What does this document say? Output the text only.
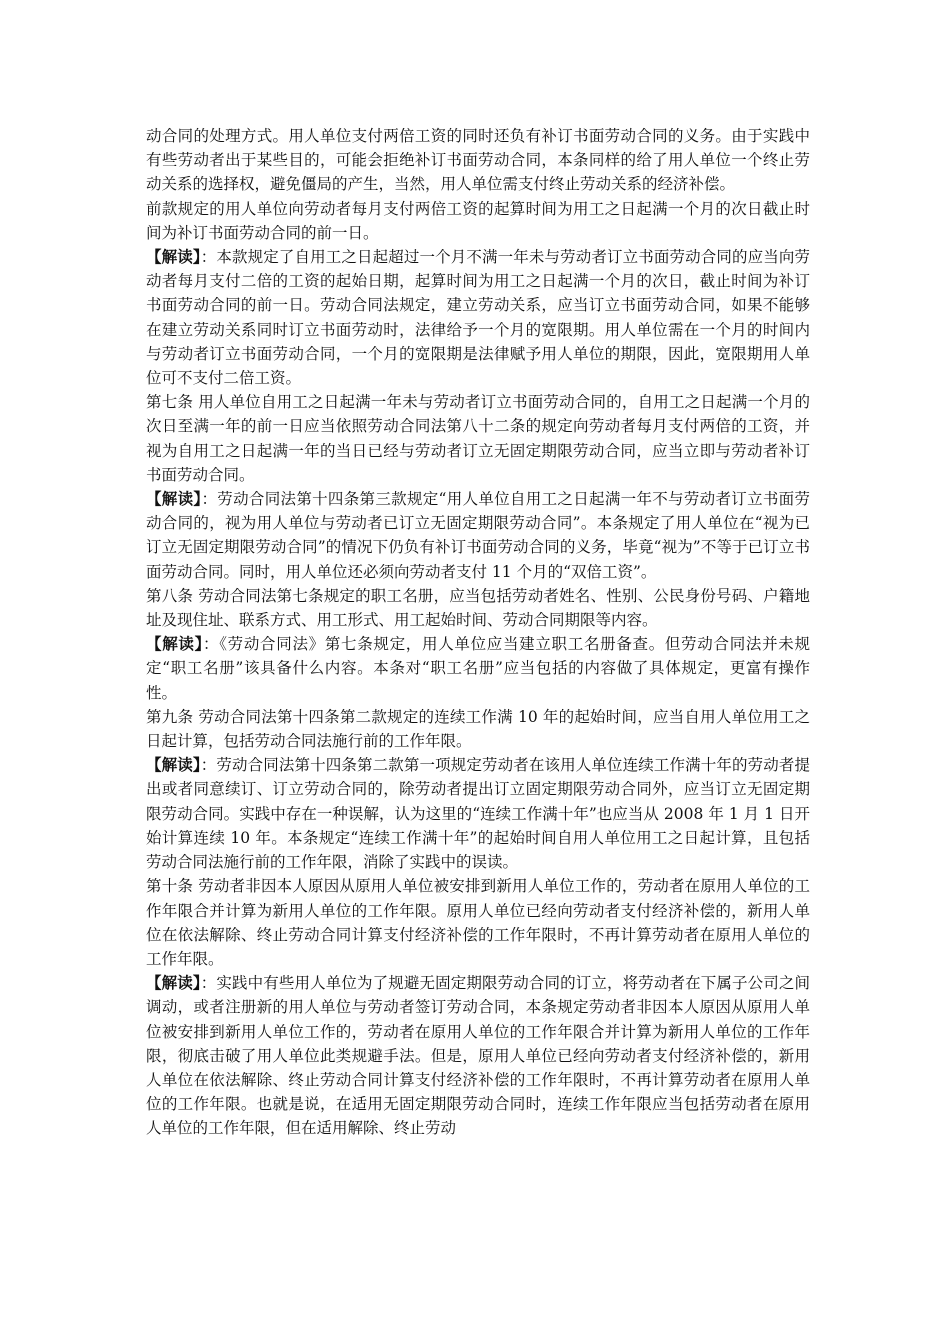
动合同的处理方式。用人单位支付两倍工资的同时还负有补订书面劳动合同的义务。由于实践中有些劳动者出于某些目的，可能会拒绝补订书面劳动合同，本条同样的给了用人单位一个终止劳动关系的选择权，避免僵局的产生，当然，用人单位需支付终止劳动关系的经济补偿。

前款规定的用人单位向劳动者每月支付两倍工资的起算时间为用工之日起满一个月的次日截止时间为补订书面劳动合同的前一日。

【解读】：本款规定了自用工之日起超过一个月不满一年未与劳动者订立书面劳动合同的应当向劳动者每月支付二倍的工资的起始日期，起算时间为用工之日起满一个月的次日，截止时间为补订书面劳动合同的前一日。劳动合同法规定，建立劳动关系，应当订立书面劳动合同，如果不能够在建立劳动关系同时订立书面劳动时，法律给予一个月的宽限期。用人单位需在一个月的时间内与劳动者订立书面劳动合同，一个月的宽限期是法律赋予用人单位的期限，因此，宽限期用人单位可不支付二倍工资。

第七条 用人单位自用工之日起满一年未与劳动者订立书面劳动合同的，自用工之日起满一个月的次日至满一年的前一日应当依照劳动合同法第八十二条的规定向劳动者每月支付两倍的工资，并视为自用工之日起满一年的当日已经与劳动者订立无固定期限劳动合同，应当立即与劳动者补订书面劳动合同。

【解读】：劳动合同法第十四条第三款规定“用人单位自用工之日起满一年不与劳动者订立书面劳动合同的，视为用人单位与劳动者已订立无固定期限劳动合同”。本条规定了用人单位在“视为已订立无固定期限劳动合同”的情况下仍负有补订书面劳动合同的义务，毕竟“视为”不等于已订立书面劳动合同。同时，用人单位还必须向劳动者支付 11 个月的“双倍工资”。

第八条 劳动合同法第七条规定的职工名册，应当包括劳动者姓名、性别、公民身份号码、户籍地址及现住址、联系方式、用工形式、用工起始时间、劳动合同期限等内容。

【解读】：《劳动合同法》第七条规定，用人单位应当建立职工名册备查。但劳动合同法并未规定“职工名册”该具备什么内容。本条对“职工名册”应当包括的内容做了具体规定，更富有操作性。

第九条 劳动合同法第十四条第二款规定的连续工作满 10 年的起始时间，应当自用人单位用工之日起计算，包括劳动合同法施行前的工作年限。

【解读】：劳动合同法第十四条第二款第一项规定劳动者在该用人单位连续工作满十年的劳动者提出或者同意续订、订立劳动合同的，除劳动者提出订立固定期限劳动合同外，应当订立无固定期限劳动合同。实践中存在一种误解，认为这里的“连续工作满十年”也应当从 2008 年 1 月 1 日开始计算连续 10 年。本条规定“连续工作满十年”的起始时间自用人单位用工之日起计算，且包括劳动合同法施行前的工作年限，消除了实践中的误读。

第十条 劳动者非因本人原因从原用人单位被安排到新用人单位工作的，劳动者在原用人单位的工作年限合并计算为新用人单位的工作年限。原用人单位已经向劳动者支付经济补偿的，新用人单位在依法解除、终止劳动合同计算支付经济补偿的工作年限时，不再计算劳动者在原用人单位的工作年限。

【解读】：实践中有些用人单位为了规避无固定期限劳动合同的订立，将劳动者在下属子公司之间调动，或者注册新的用人单位与劳动者签订劳动合同，本条规定劳动者非因本人原因从原用人单位被安排到新用人单位工作的，劳动者在原用人单位的工作年限合并计算为新用人单位的工作年限，彻底击破了用人单位此类规避手法。但是，原用人单位已经向劳动者支付经济补偿的，新用人单位在依法解除、终止劳动合同计算支付经济补偿的工作年限时，不再计算劳动者在原用人单位的工作年限。也就是说，在适用无固定期限劳动合同时，连续工作年限应当包括劳动者在原用人单位的工作年限，但在适用解除、终止劳动
